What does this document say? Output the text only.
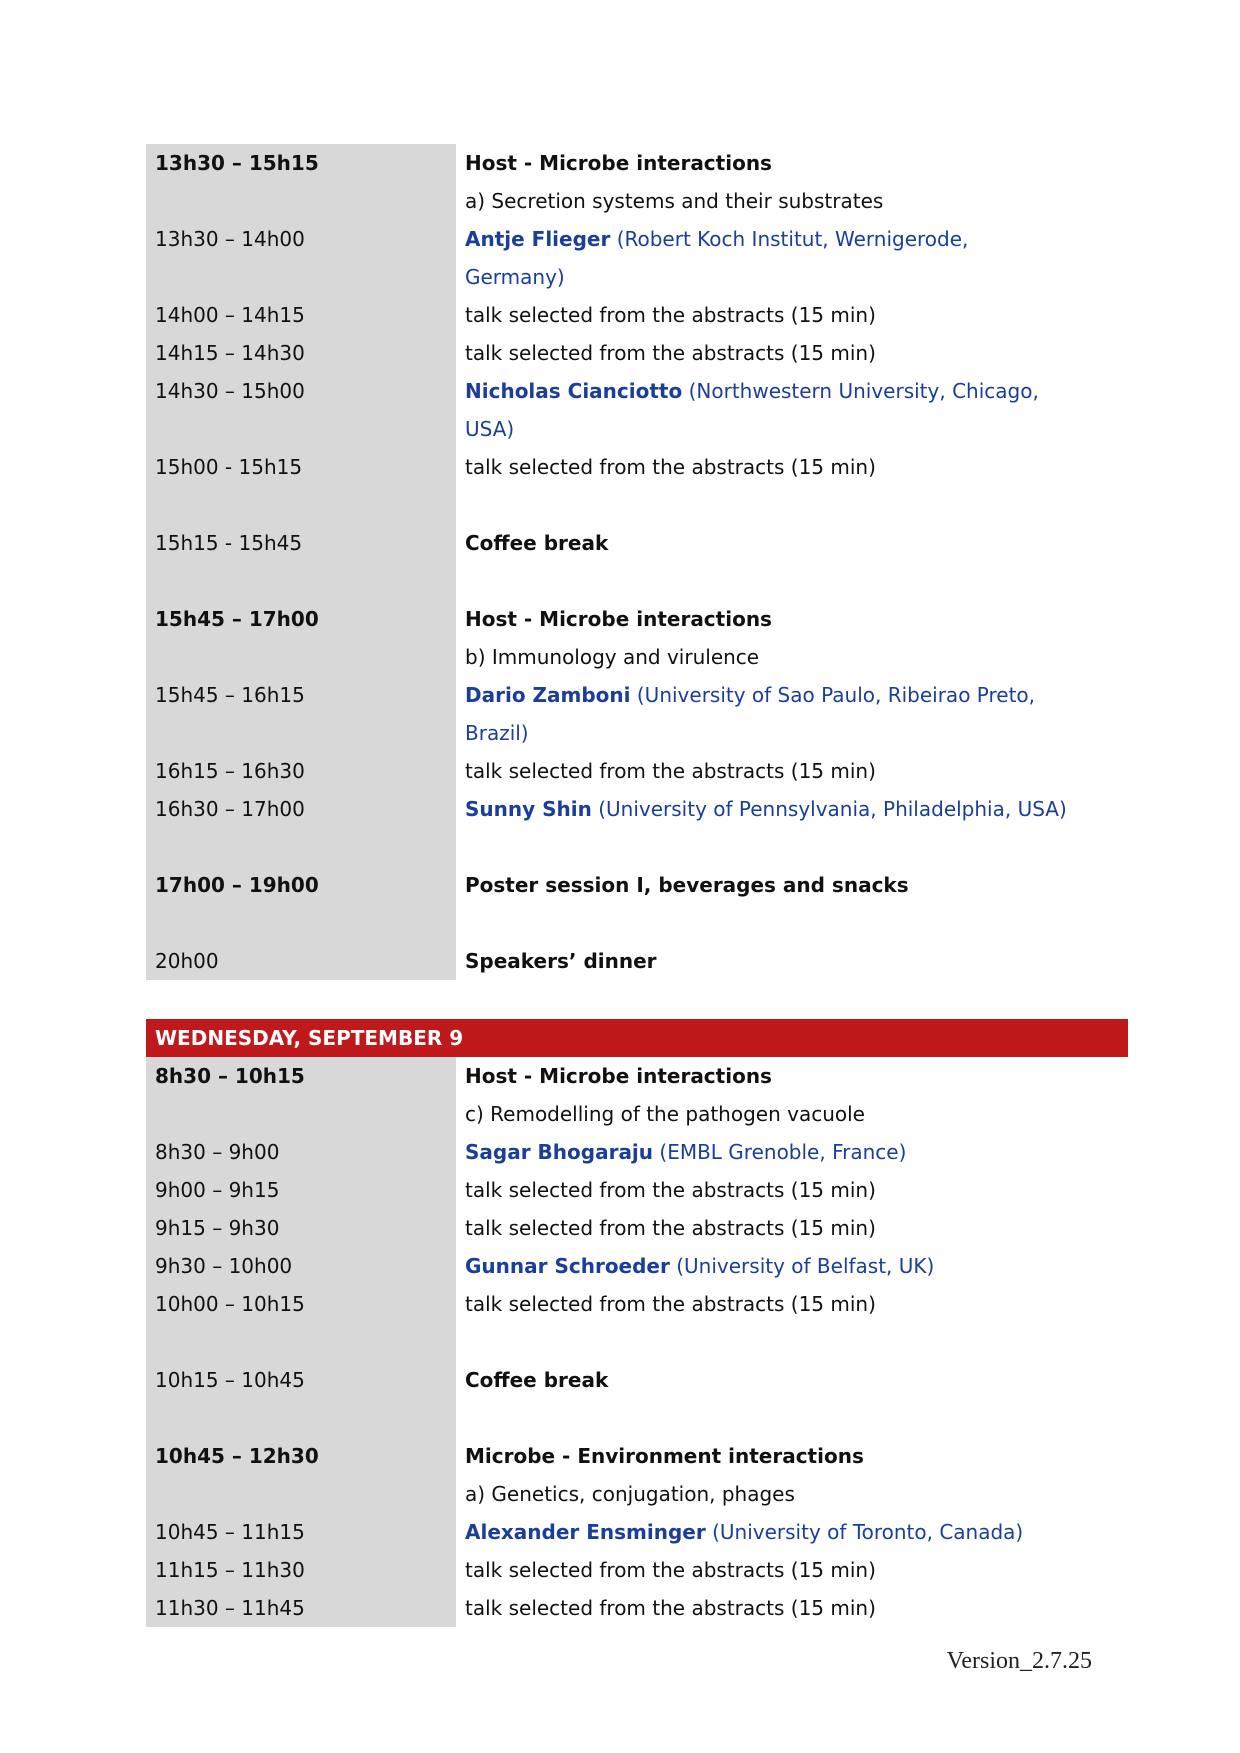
13h30 – 15h15	Host - Microbe interactions
a) Secretion systems and their substrates
13h30 – 14h00	Antje Flieger (Robert Koch Institut, Wernigerode,
Germany)
14h00 – 14h15	talk selected from the abstracts (15 min)
14h15 – 14h30	talk selected from the abstracts (15 min)
14h30 – 15h00	Nicholas Cianciotto (Northwestern University, Chicago,
USA)
15h00 - 15h15	talk selected from the abstracts (15 min)
15h15 - 15h45	Coffee break
15h45 – 17h00	Host - Microbe interactions
b) Immunology and virulence
15h45 – 16h15	Dario Zamboni (University of Sao Paulo, Ribeirao Preto,
Brazil)
16h15 – 16h30	talk selected from the abstracts (15 min)
16h30 – 17h00	Sunny Shin (University of Pennsylvania, Philadelphia, USA)
17h00 – 19h00	Poster session I, beverages and snacks
20h00	Speakers’ dinner
WEDNESDAY, SEPTEMBER 9
8h30 – 10h15	Host - Microbe interactions
c) Remodelling of the pathogen vacuole
8h30 – 9h00	Sagar Bhogaraju (EMBL Grenoble, France)
9h00 – 9h15	talk selected from the abstracts (15 min)
9h15 – 9h30	talk selected from the abstracts (15 min)
9h30 – 10h00	Gunnar Schroeder (University of Belfast, UK)
10h00 – 10h15	talk selected from the abstracts (15 min)
10h15 – 10h45	Coffee break
10h45 – 12h30	Microbe - Environment interactions
a) Genetics, conjugation, phages
10h45 – 11h15	Alexander Ensminger (University of Toronto, Canada)
11h15 – 11h30	talk selected from the abstracts (15 min)
11h30 – 11h45	talk selected from the abstracts (15 min)
Version_2.7.25
